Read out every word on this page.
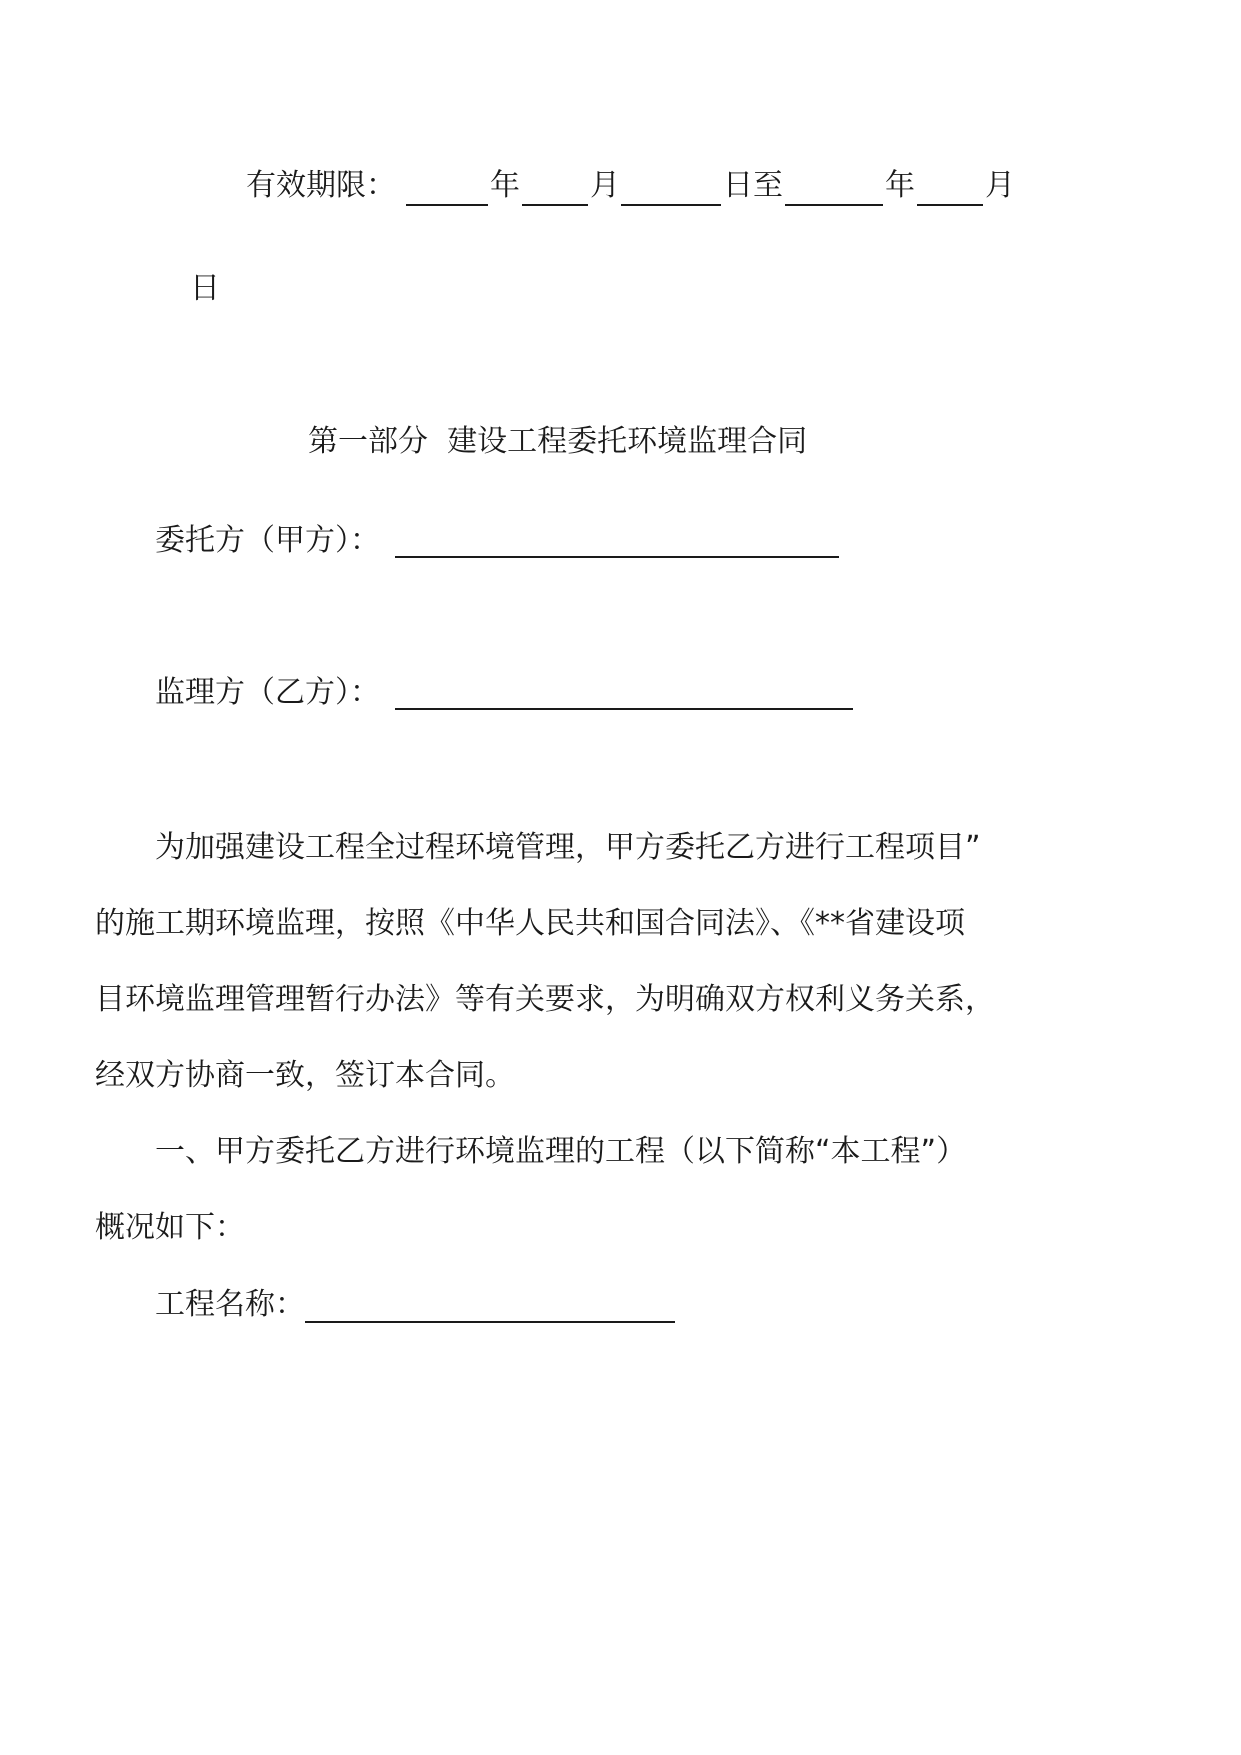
有效期限：	年 月	日至	年 月
日
第一部分  建设工程委托环境监理合同
委托方（甲方）：
监理方（乙方）：
为加强建设工程全过程环境管理，甲方委托乙方进行工程项目”
的施工期环境监理，按照《中华人民共和国合同法》、《**省建设项
目环境监理管理暂行办法》等有关要求，为明确双方权利义务关系，
经双方协商一致，签订本合同。
一、甲方委托乙方进行环境监理的工程（以下简称“本工程”）
概况如下：
工程名称：
